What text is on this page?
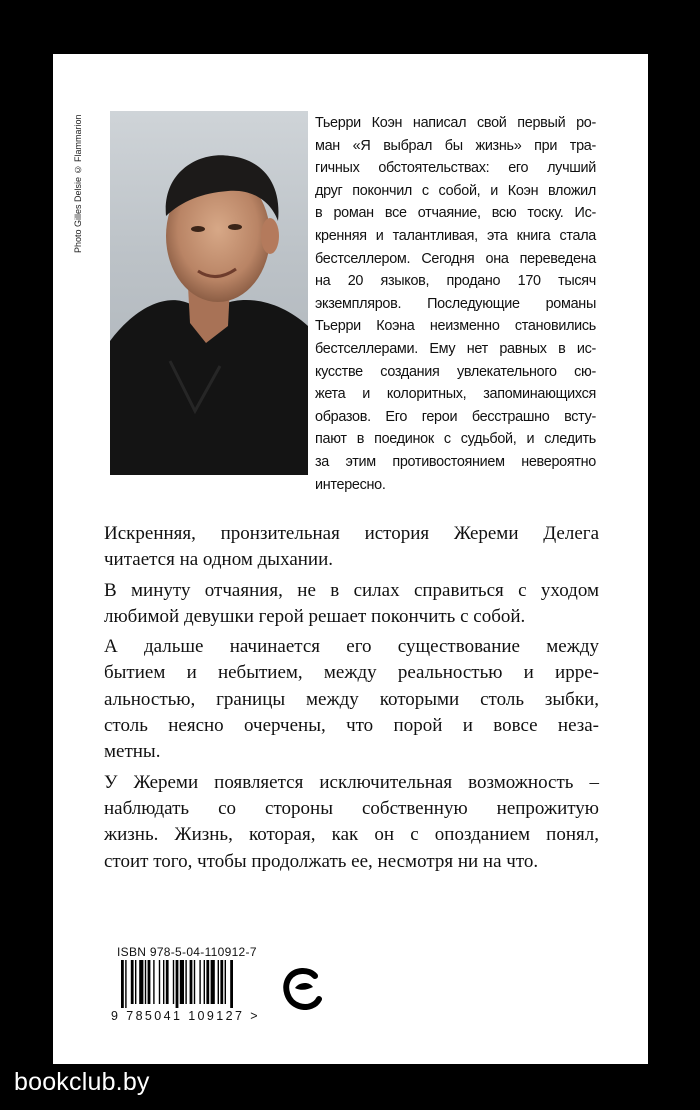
Photo Gilles Delsie © Flammarion	Тьерри Коэн написал свой первый ро-
ман «Я выбрал бы жизнь» при тра-
гичных обстоятельствах: его лучший
друг покончил с собой, и Коэн вложил
в роман все отчаяние, всю тоску. Ис-
кренняя и талантливая, эта книга стала
бестселлером. Сегодня она переведена
на 20 языков, продано 170 тысяч
экземпляров. Последующие романы
Тьерри Коэна неизменно становились
бестселлерами. Ему нет равных в ис-
кусстве создания увлекательного сю-
жета и колоритных, запоминающихся
образов. Его герои бесстрашно всту-
пают в поединок с судьбой, и следить
за этим противостоянием невероятно
интересно.

Искренняя, пронзительная история Жереми Делега
читается на одном дыхании.

В минуту отчаяния, не в силах справиться с уходом
любимой девушки герой решает покончить с собой.

А дальше начинается его существование между
бытием и небытием, между реальностью и ирре-
альностью, границы между которыми столь зыбки,
столь неясно очерчены, что порой и вовсе неза-
метны.

У Жереми появляется исключительная возможность –
наблюдать со стороны собственную непрожитую
жизнь. Жизнь, которая, как он с опозданием понял,
стоит того, чтобы продолжать ее, несмотря ни на что.

ISBN 978-5-04-110912-7
9 785041 109127 >
bookclub.by
